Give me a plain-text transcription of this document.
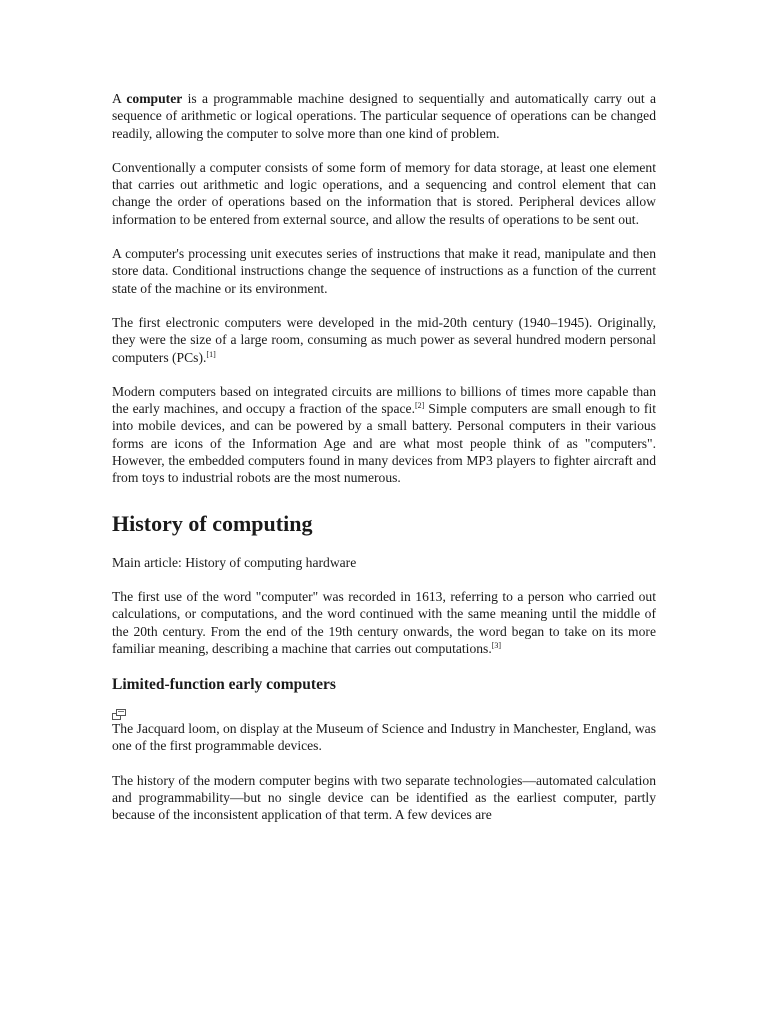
A computer is a programmable machine designed to sequentially and automatically carry out a sequence of arithmetic or logical operations. The particular sequence of operations can be changed readily, allowing the computer to solve more than one kind of problem.

Conventionally a computer consists of some form of memory for data storage, at least one element that carries out arithmetic and logic operations, and a sequencing and control element that can change the order of operations based on the information that is stored. Peripheral devices allow information to be entered from external source, and allow the results of operations to be sent out.

A computer's processing unit executes series of instructions that make it read, manipulate and then store data. Conditional instructions change the sequence of instructions as a function of the current state of the machine or its environment.

The first electronic computers were developed in the mid-20th century (1940–1945). Originally, they were the size of a large room, consuming as much power as several hundred modern personal computers (PCs).[1]

Modern computers based on integrated circuits are millions to billions of times more capable than the early machines, and occupy a fraction of the space.[2] Simple computers are small enough to fit into mobile devices, and can be powered by a small battery. Personal computers in their various forms are icons of the Information Age and are what most people think of as "computers". However, the embedded computers found in many devices from MP3 players to fighter aircraft and from toys to industrial robots are the most numerous.

History of computing

Main article: History of computing hardware

The first use of the word "computer" was recorded in 1613, referring to a person who carried out calculations, or computations, and the word continued with the same meaning until the middle of the 20th century. From the end of the 19th century onwards, the word began to take on its more familiar meaning, describing a machine that carries out computations.[3]

Limited-function early computers

The Jacquard loom, on display at the Museum of Science and Industry in Manchester, England, was one of the first programmable devices.

The history of the modern computer begins with two separate technologies—automated calculation and programmability—but no single device can be identified as the earliest computer, partly because of the inconsistent application of that term. A few devices are
